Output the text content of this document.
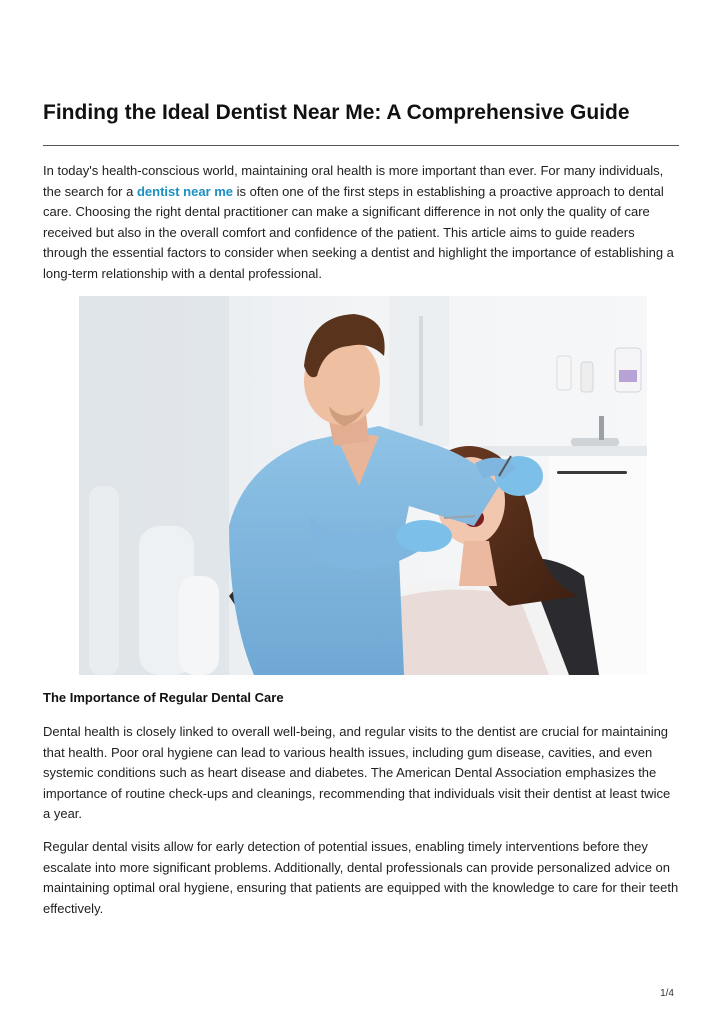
Finding the Ideal Dentist Near Me: A Comprehensive Guide

In today's health-conscious world, maintaining oral health is more important than ever. For many individuals, the search for a dentist near me is often one of the first steps in establishing a proactive approach to dental care. Choosing the right dental practitioner can make a significant difference in not only the quality of care received but also in the overall comfort and confidence of the patient. This article aims to guide readers through the essential factors to consider when seeking a dentist and highlight the importance of establishing a long-term relationship with a dental professional.

The Importance of Regular Dental Care

Dental health is closely linked to overall well-being, and regular visits to the dentist are crucial for maintaining that health. Poor oral hygiene can lead to various health issues, including gum disease, cavities, and even systemic conditions such as heart disease and diabetes. The American Dental Association emphasizes the importance of routine check-ups and cleanings, recommending that individuals visit their dentist at least twice a year.

Regular dental visits allow for early detection of potential issues, enabling timely interventions before they escalate into more significant problems. Additionally, dental professionals can provide personalized advice on maintaining optimal oral hygiene, ensuring that patients are equipped with the knowledge to care for their teeth effectively.

1/4
